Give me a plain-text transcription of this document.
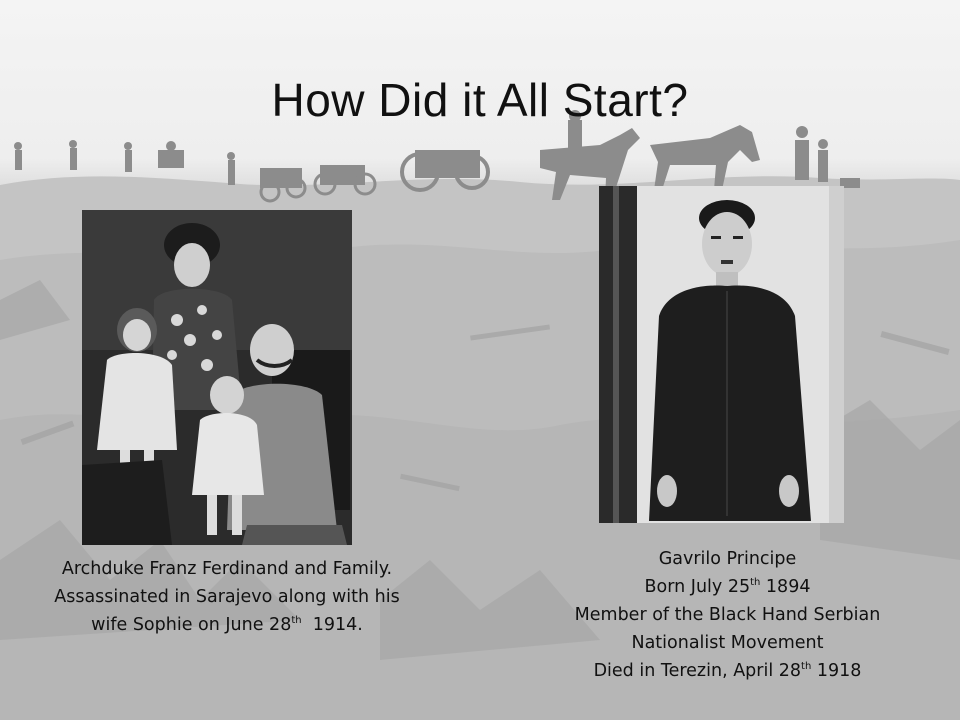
How Did it All Start?
Archduke Franz Ferdinand and Family.
Assassinated in Sarajevo along with his
wife Sophie on June 28th  1914.
Gavrilo Principe
Born July 25th 1894
Member of the Black Hand Serbian
Nationalist Movement
Died in Terezin, April 28th 1918
